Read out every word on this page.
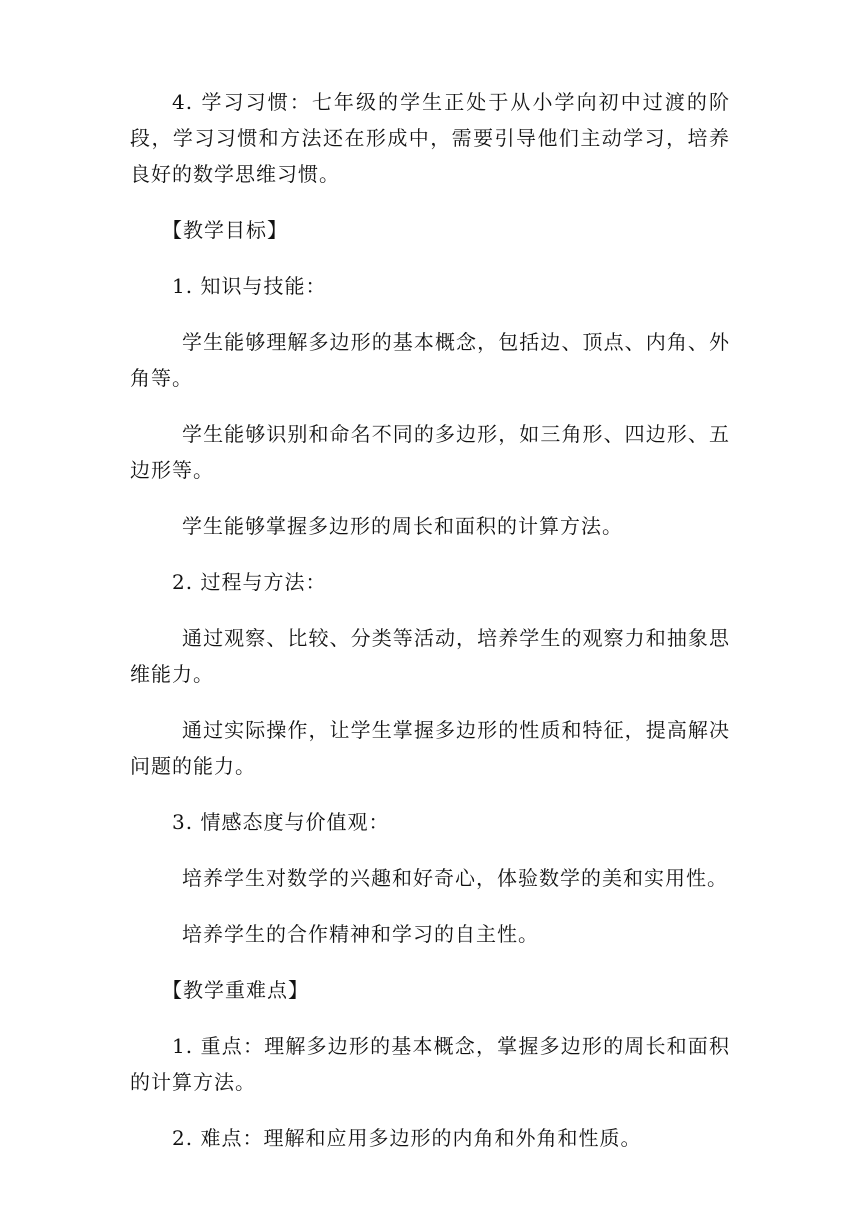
4. 学习习惯：七年级的学生正处于从小学向初中过渡的阶段，学习习惯和方法还在形成中，需要引导他们主动学习，培养良好的数学思维习惯。

【教学目标】

1. 知识与技能：

学生能够理解多边形的基本概念，包括边、顶点、内角、外角等。

学生能够识别和命名不同的多边形，如三角形、四边形、五边形等。

学生能够掌握多边形的周长和面积的计算方法。

2. 过程与方法：

通过观察、比较、分类等活动，培养学生的观察力和抽象思维能力。

通过实际操作，让学生掌握多边形的性质和特征，提高解决问题的能力。

3. 情感态度与价值观：

培养学生对数学的兴趣和好奇心，体验数学的美和实用性。

培养学生的合作精神和学习的自主性。

【教学重难点】

1. 重点：理解多边形的基本概念，掌握多边形的周长和面积的计算方法。

2. 难点：理解和应用多边形的内角和外角和性质。
